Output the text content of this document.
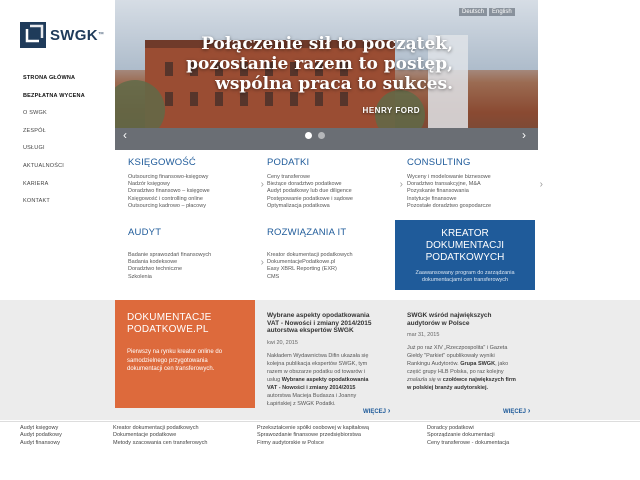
SWGK ™
STRONA GŁÓWNA
BEZPŁATNA WYCENA
O SWGK
ZESPÓŁ
USŁUGI
AKTUALNOŚCI
KARIERA
KONTAKT
Deutsch	English
Połączenie sił to początek,
pozostanie razem to postęp,
wspólna praca to sukces.
HENRY FORD
‹	›
KSIĘGOWOŚĆ
Outsourcing finansowo-księgowy
Nadzór księgowy
Doradztwo finansowo – księgowe
Księgowość i controlling online
Outsourcing kadrowo – płacowy
›
PODATKI
Ceny transferowe
Bieżące doradztwo podatkowe
Audyt podatkowy lub due diligence
Postępowanie podatkowe i sądowe
Optymalizacja podatkowa
›
CONSULTING
Wyceny i modelowanie biznesowe
Doradztwo transakcyjne, M&A
Pozyskanie finansowania
Instytucje finansowe
Pozostałe doradztwo gospodarcze
›
AUDYT
Badanie sprawozdań finansowych
Badania kodeksowe
Doradztwo techniczne
Szkolenia
›
ROZWIĄZANIA IT
Kreator dokumentacji podatkowych
DokumentacjePodatkowe.pl
Easy XBRL Reporting (EXR)
CMS
KREATOR
DOKUMENTACJI
PODATKOWYCH
Zaawansowany program do zarządzania
dokumentacjami cen transferowych
DOKUMENTACJE
PODATKOWE.PL
Pierwszy na rynku kreator online do
samodzielnego przygotowania
dokumentacji cen transferowych.
Wybrane aspekty opodatkowania
VAT - Nowości i zmiany 2014/2015
autorstwa ekspertów SWGK
kwi 20, 2015
Nakładem Wydawnictwa Difin ukazała się
kolejna publikacja ekspertów SWGK, tym
razem w obszarze podatku od towarów i
usług Wybrane aspekty opodatkowania
VAT - Nowości i zmiany 2014/2015
autorstwa Macieja Budasza i Joanny
Łapińskiej z SWGK Podatki.
SWGK wśród największych
audytorów w Polsce
mar 31, 2015
Już po raz XIV „Rzeczpospolita" i Gazeta
Giełdy "Parkiet" opublikowały wyniki
Rankingu Audytorów. Grupa SWGK, jako
część grupy HLB Polska, po raz kolejny
znalazła się w czołówce największych firm
w polskiej branży audytorskiej.
WIĘCEJ ›	WIĘCEJ ›
Audyt księgowy
Audyt podatkowy
Audyt finansowy
Kreator dokumentacji podatkowych
Dokumentacje podatkowe
Metody szacowania cen transferowych
Przekształcenie spółki osobowej w kapitałową
Sprawozdanie finansowe przedsiębiorstwa
Firmy audytorskie w Polsce
Doradcy podatkowi
Sporządzanie dokumentacji
Ceny transferowe - dokumentacja
